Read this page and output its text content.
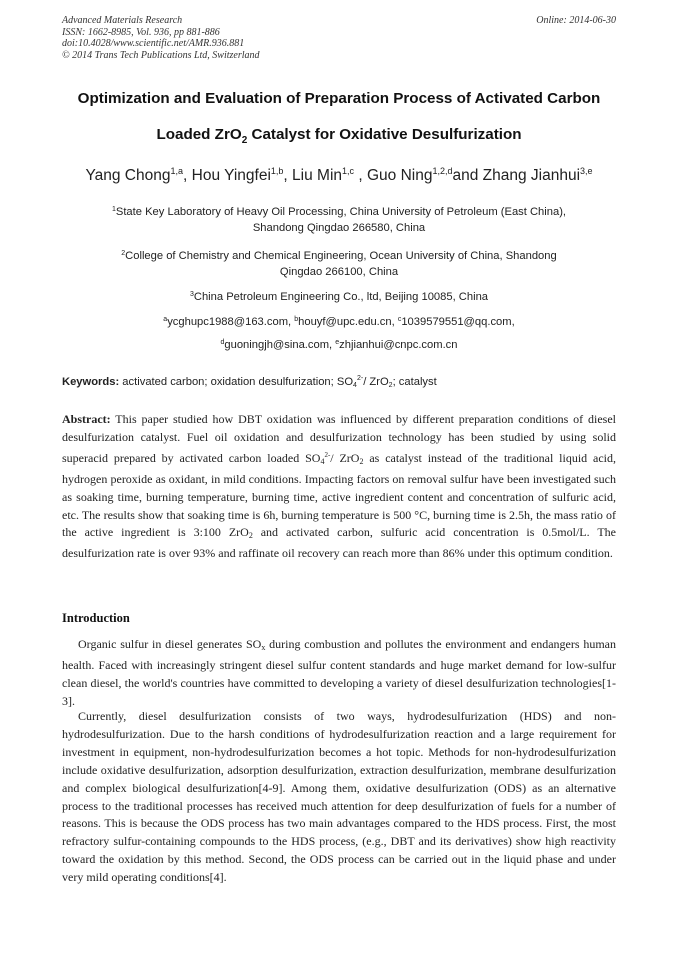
Advanced Materials Research
ISSN: 1662-8985, Vol. 936, pp 881-886
doi:10.4028/www.scientific.net/AMR.936.881
© 2014 Trans Tech Publications Ltd, Switzerland
Online: 2014-06-30
Optimization and Evaluation of Preparation Process of Activated Carbon
Loaded ZrO$_2$ Catalyst for Oxidative Desulfurization
Yang Chong$^{1,a}$, Hou Yingfei$^{1,b}$, Liu Min$^{1,c}$ , Guo Ning$^{1,2,d}$and Zhang Jianhui$^{3,e}$
$^1$State Key Laboratory of Heavy Oil Processing, China University of Petroleum (East China),
Shandong Qingdao 266580, China
$^2$College of Chemistry and Chemical Engineering, Ocean University of China, Shandong
Qingdao 266100, China
$^3$China Petroleum Engineering Co., ltd, Beijing 10085, China
$^a$ycghupc1988@163.com, $^b$houyf@upc.edu.cn, $^c$1039579551@qq.com,
$^d$guoningjh@sina.com, $^e$zhjianhui@cnpc.com.cn
Keywords: activated carbon; oxidation desulfurization; $SO_4^{2-}/$ ZrO$_2$; catalyst
Abstract: This paper studied how DBT oxidation was influenced by different preparation conditions of diesel desulfurization catalyst. Fuel oil oxidation and desulfurization technology has been studied by using solid superacid prepared by activated carbon loaded $SO_4^{2-}/$ ZrO$_2$ as catalyst instead of the traditional liquid acid, hydrogen peroxide as oxidant, in mild conditions. Impacting factors on removal sulfur have been investigated such as soaking time, burning temperature, burning time, active ingredient content and concentration of sulfuric acid, etc. The results show that soaking time is 6h, burning temperature is 500 °C, burning time is 2.5h, the mass ratio of the active ingredient is 3:100 ZrO$_2$ and activated carbon, sulfuric acid concentration is 0.5mol/L. The desulfurization rate is over 93% and raffinate oil recovery can reach more than 86% under this optimum condition.
Introduction
Organic sulfur in diesel generates $SO_x$ during combustion and pollutes the environment and endangers human health. Faced with increasingly stringent diesel sulfur content standards and huge market demand for low-sulfur clean diesel, the world's countries have committed to developing a variety of diesel desulfurization technologies[1-3].
Currently, diesel desulfurization consists of two ways, hydrodesulfurization (HDS) and non-hydrodesulfurization. Due to the harsh conditions of hydrodesulfurization reaction and a large requirement for investment in equipment, non-hydrodesulfurization becomes a hot topic. Methods for non-hydrodesulfurization include oxidative desulfurization, adsorption desulfurization, extraction desulfurization, membrane desulfurization and complex biological desulfurization[4-9]. Among them, oxidative desulfurization (ODS) as an alternative process to the traditional processes has received much attention for deep desulfurization of fuels for a number of reasons. This is because the ODS process has two main advantages compared to the HDS process. First, the most refractory sulfur-containing compounds to the HDS process, (e.g., DBT and its derivatives) show high reactivity toward the oxidation by this method. Second, the ODS process can be carried out in the liquid phase and under very mild operating conditions[4].
